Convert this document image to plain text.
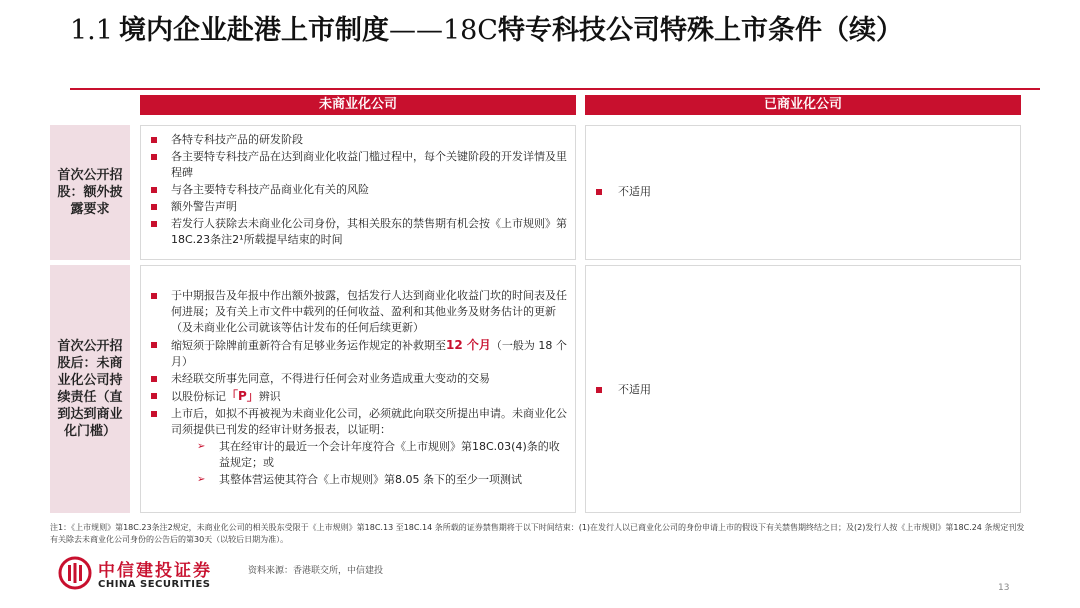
1.1 境内企业赴港上市制度——18C特专科技公司特殊上市条件（续）
未商业化公司	已商业化公司
首次公开招股：额外披露要求
首次公开招股后：未商业化公司持续责任（直到达到商业化门槛）
各特专科技产品的研发阶段
各主要特专科技产品在达到商业化收益门槛过程中，每个关键阶段的开发详情及里程碑
与各主要特专科技产品商业化有关的风险
额外警告声明
若发行人获除去未商业化公司身份，其相关股东的禁售期有机会按《上市规则》第18C.23条注2¹所载提早结束的时间
不适用
于中期报告及年报中作出额外披露，包括发行人达到商业化收益门坎的时间表及任何进展；及有关上市文件中载列的任何收益、盈利和其他业务及财务估计的更新（及未商业化公司就该等估计发布的任何后续更新）
缩短须于除牌前重新符合有足够业务运作规定的补救期至12 个月（一般为 18 个月）
未经联交所事先同意，不得进行任何会对业务造成重大变动的交易
以股份标记「P」辨识
上市后，如拟不再被视为未商业化公司，必须就此向联交所提出申请。未商业化公司须提供已刊发的经审计财务报表，以证明：
➢ 其在经审计的最近一个会计年度符合《上市规则》第18C.03(4)条的收益规定；或
➢ 其整体营运使其符合《上市规则》第8.05 条下的至少一项测试
不适用
注1：《上市规则》第18C.23条注2规定，未商业化公司的相关股东受限于《上市规则》第18C.13 至18C.14 条所载的证券禁售期将于以下时间结束：(1)在发行人以已商业化公司的身份申请上市的假设下有关禁售期终结之日；及(2)发行人按《上市规则》第18C.24 条规定刊发有关除去未商业化公司身份的公告后的第30天（以较后日期为准）。
中信建投证券
CHINA SECURITIES
资料来源：香港联交所，中信建投
13
